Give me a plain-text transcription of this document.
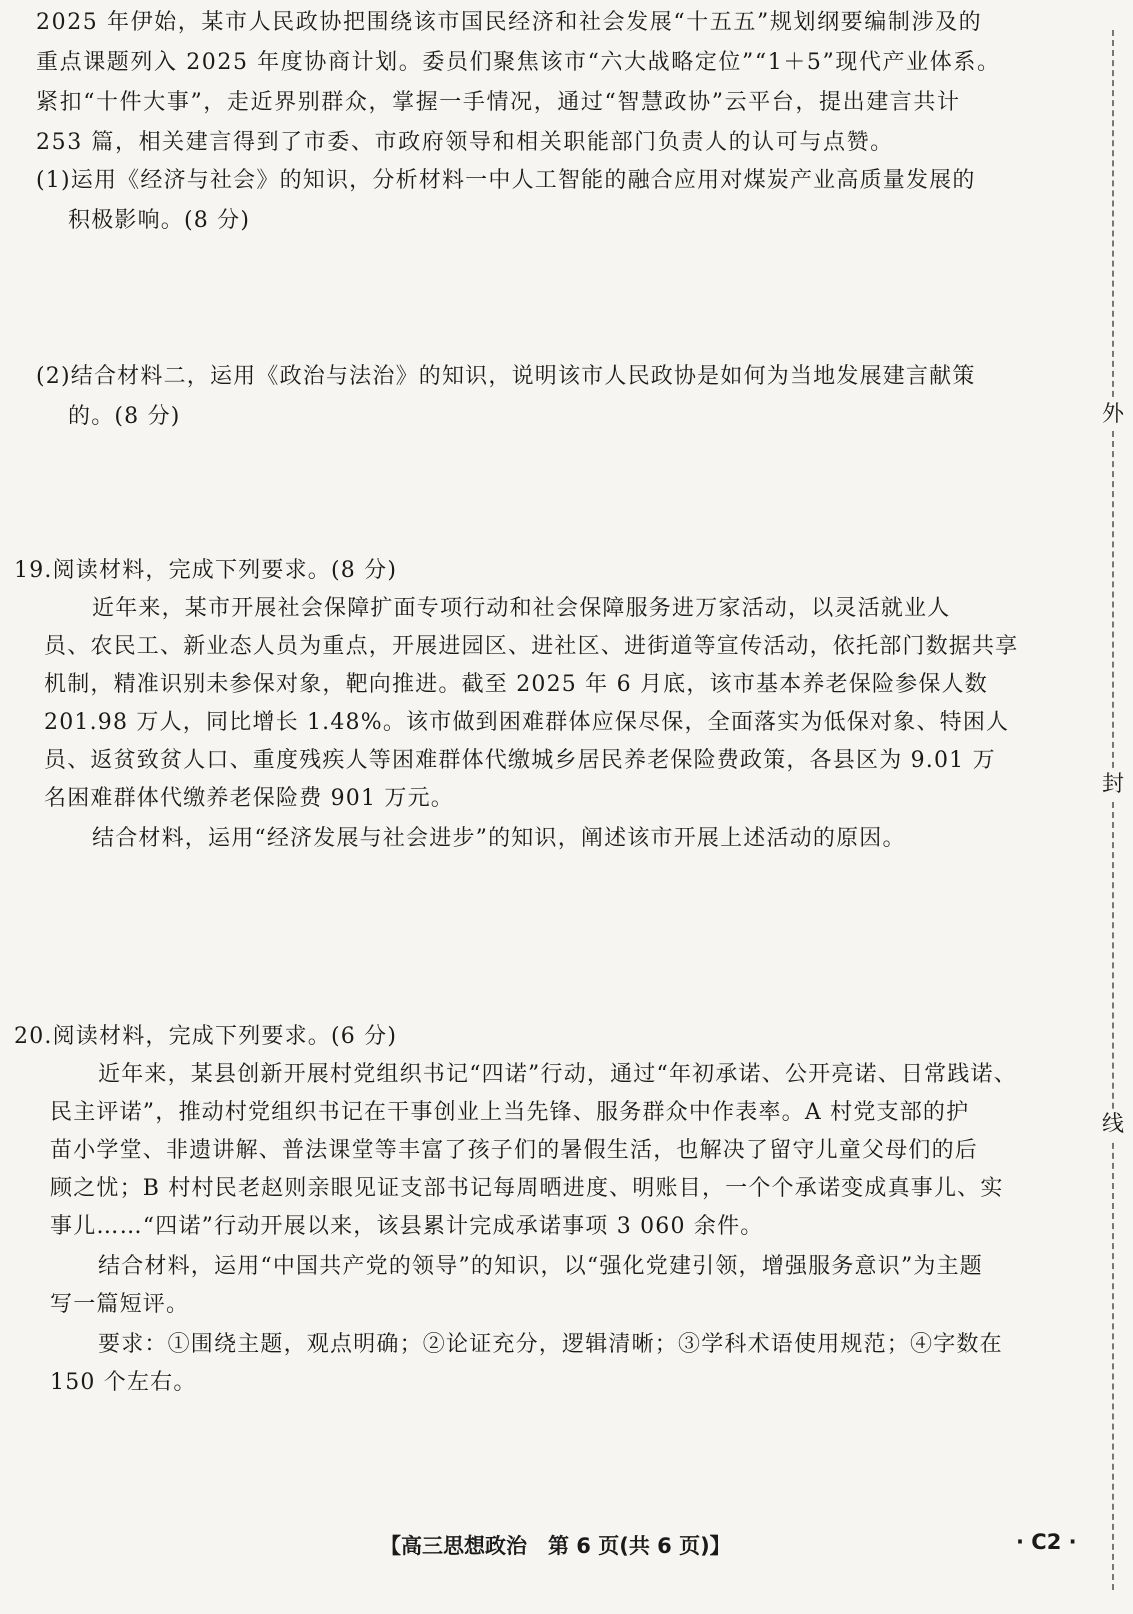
2025 年伊始，某市人民政协把围绕该市国民经济和社会发展“十五五”规划纲要编制涉及的
重点课题列入 2025 年度协商计划。委员们聚焦该市“六大战略定位”“1＋5”现代产业体系。
紧扣“十件大事”，走近界别群众，掌握一手情况，通过“智慧政协”云平台，提出建言共计
253 篇，相关建言得到了市委、市政府领导和相关职能部门负责人的认可与点赞。
(1)运用《经济与社会》的知识，分析材料一中人工智能的融合应用对煤炭产业高质量发展的
积极影响。(8 分)
(2)结合材料二，运用《政治与法治》的知识，说明该市人民政协是如何为当地发展建言献策
的。(8 分)
19.阅读材料，完成下列要求。(8 分)
近年来，某市开展社会保障扩面专项行动和社会保障服务进万家活动，以灵活就业人
员、农民工、新业态人员为重点，开展进园区、进社区、进街道等宣传活动，依托部门数据共享
机制，精准识别未参保对象，靶向推进。截至 2025 年 6 月底，该市基本养老保险参保人数
201.98 万人，同比增长 1.48%。该市做到困难群体应保尽保，全面落实为低保对象、特困人
员、返贫致贫人口、重度残疾人等困难群体代缴城乡居民养老保险费政策，各县区为 9.01 万
名困难群体代缴养老保险费 901 万元。
结合材料，运用“经济发展与社会进步”的知识，阐述该市开展上述活动的原因。
20.阅读材料，完成下列要求。(6 分)
近年来，某县创新开展村党组织书记“四诺”行动，通过“年初承诺、公开亮诺、日常践诺、
民主评诺”，推动村党组织书记在干事创业上当先锋、服务群众中作表率。A 村党支部的护
苗小学堂、非遗讲解、普法课堂等丰富了孩子们的暑假生活，也解决了留守儿童父母们的后
顾之忧；B 村村民老赵则亲眼见证支部书记每周晒进度、明账目，一个个承诺变成真事儿、实
事儿……“四诺”行动开展以来，该县累计完成承诺事项 3 060 余件。
结合材料，运用“中国共产党的领导”的知识，以“强化党建引领，增强服务意识”为主题
写一篇短评。
要求：①围绕主题，观点明确；②论证充分，逻辑清晰；③学科术语使用规范；④字数在
150 个左右。
【高三思想政治　第 6 页(共 6 页)】	· C2 ·
外
封
线
